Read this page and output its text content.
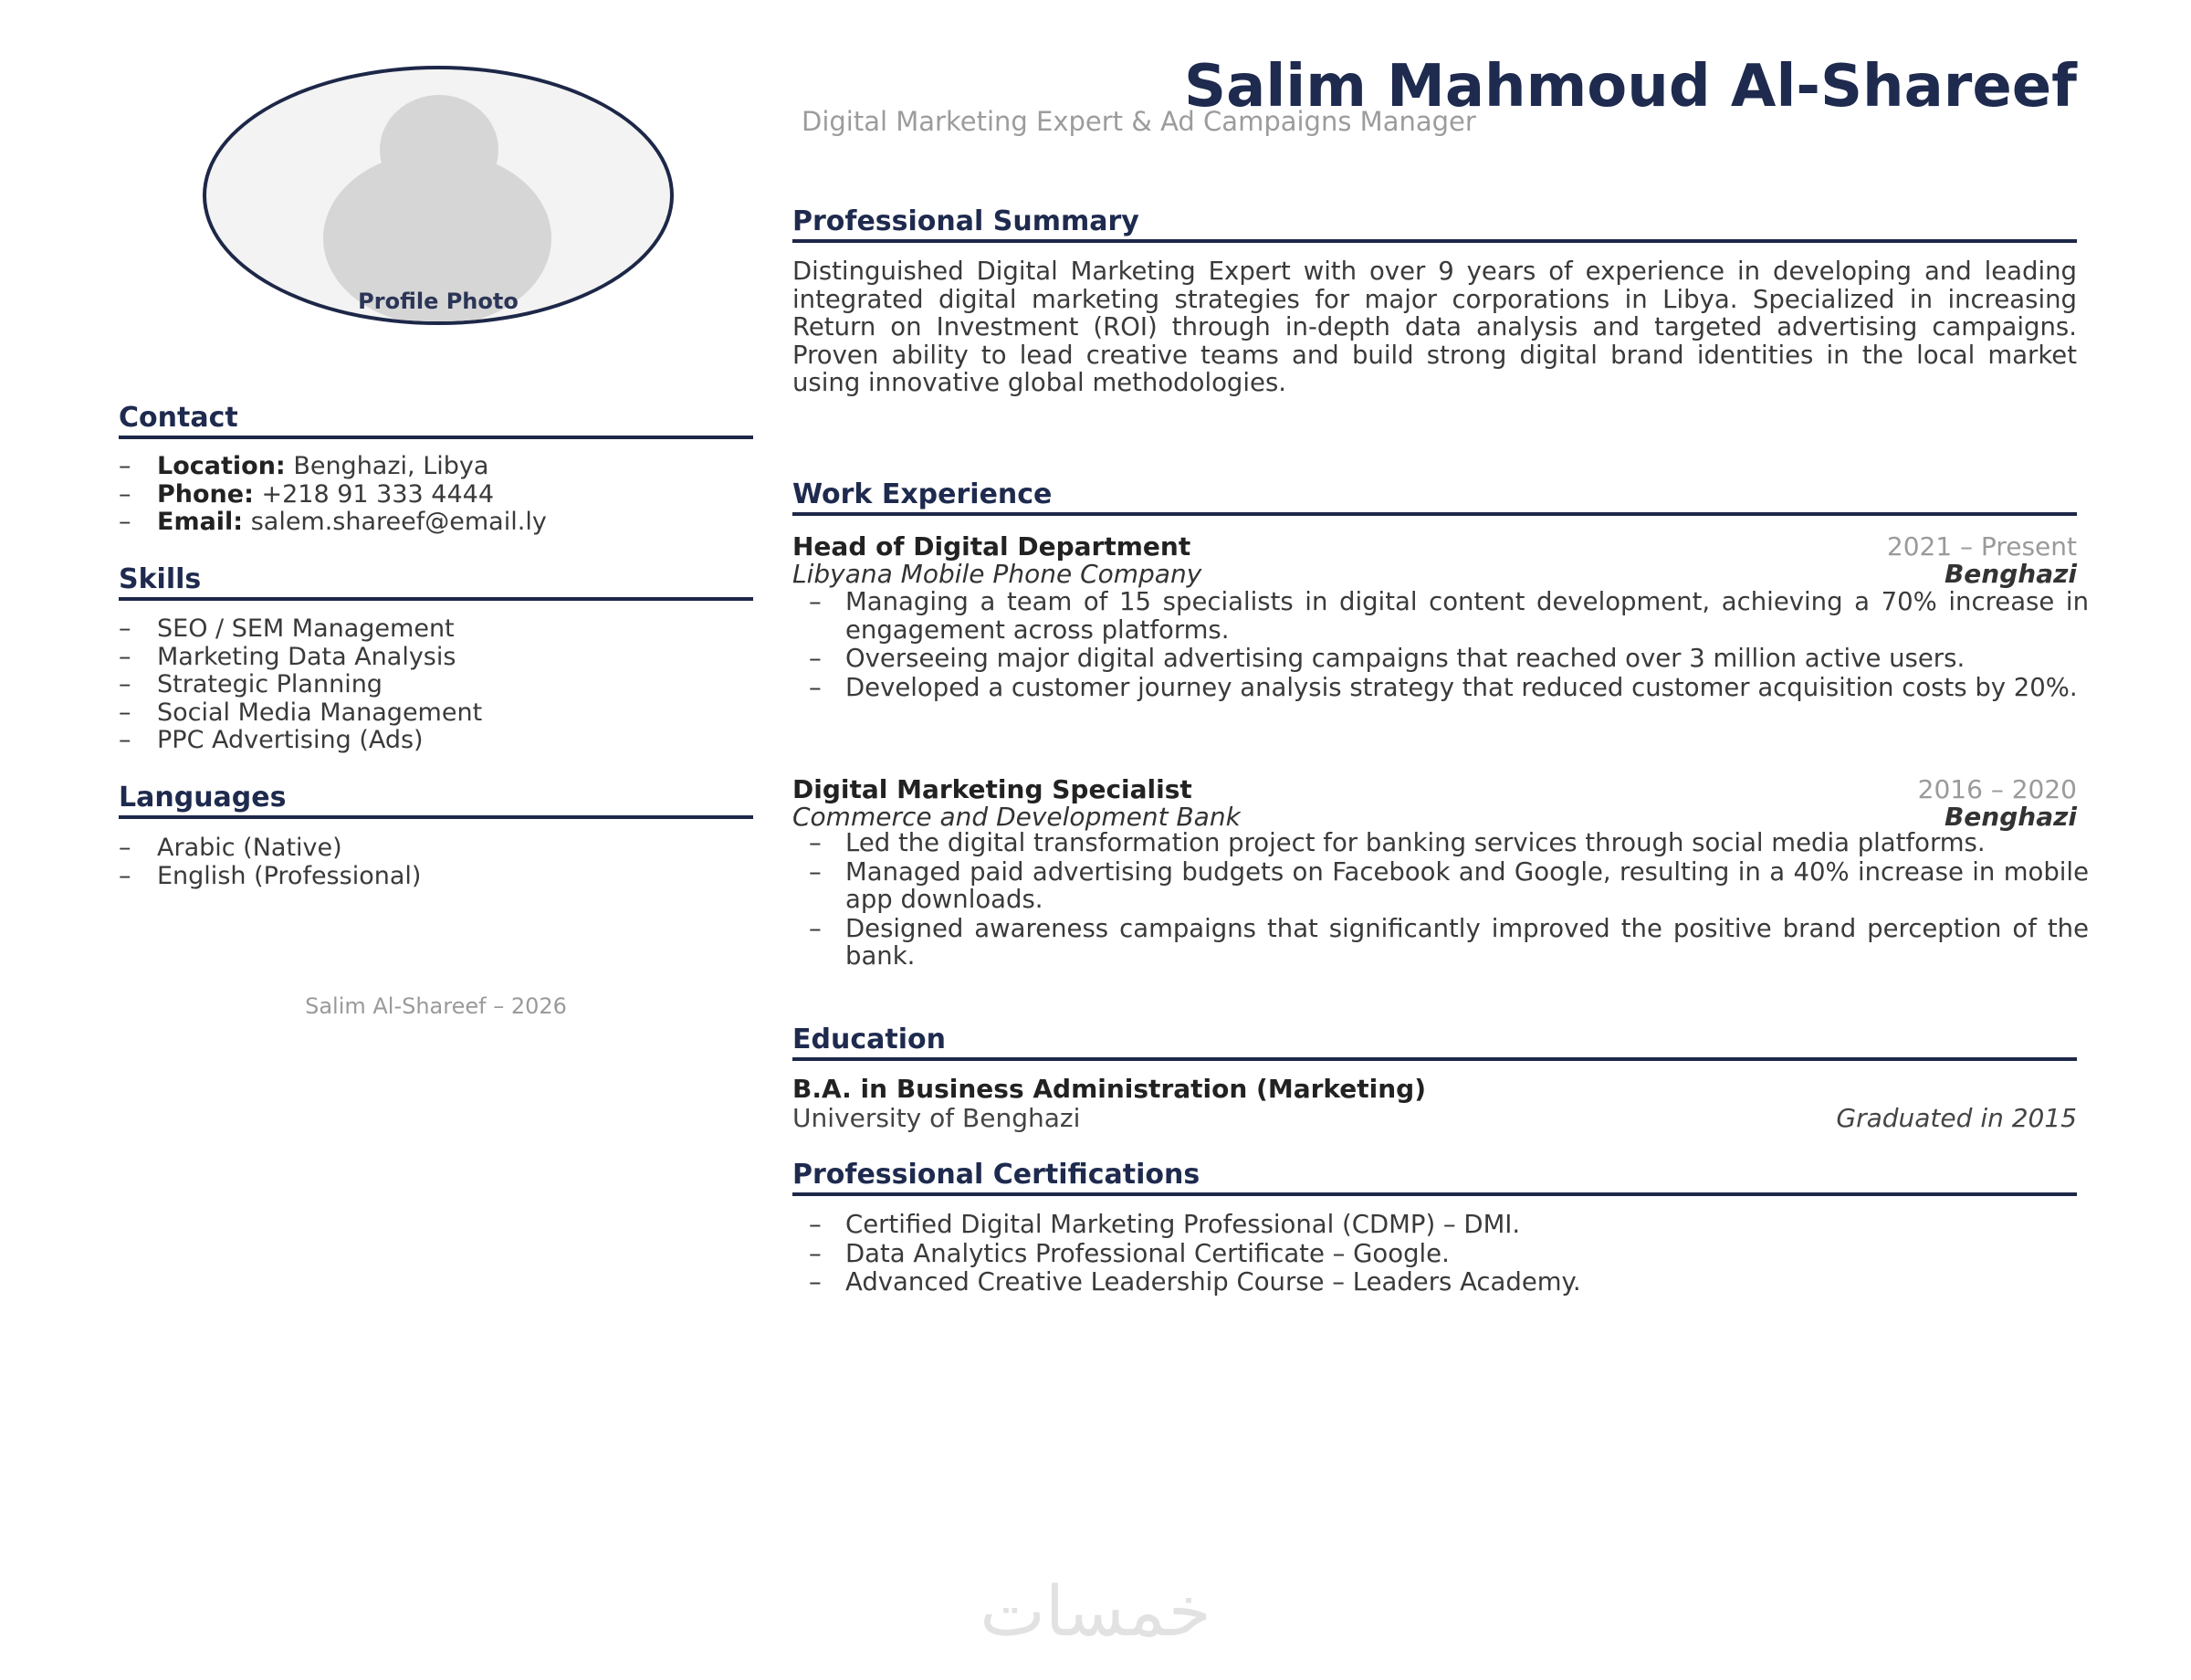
Profile Photo
Contact
– Location: Benghazi, Libya
– Phone: +218 91 333 4444
– Email: salem.shareef@email.ly
Skills
– SEO / SEM Management
– Marketing Data Analysis
– Strategic Planning
– Social Media Management
– PPC Advertising (Ads)
Languages
– Arabic (Native)
– English (Professional)
Salim Al-Shareef – 2026
Salim Mahmoud Al-Shareef
Digital Marketing Expert & Ad Campaigns Manager
Professional Summary

Distinguished Digital Marketing Expert with over 9 years of experience in developing and leading integrated digital marketing strategies for major corporations in Libya. Specialized in increasing Return on Investment (ROI) through in-depth data analysis and targeted advertising campaigns. Proven ability to lead creative teams and build strong digital brand identities in the local market using innovative global methodologies.

Work Experience
Head of Digital Department	2021 – Present
Libyana Mobile Phone Company	Benghazi
– Managing a team of 15 specialists in digital content development, achieving a 70% increase in engagement across platforms.
– Overseeing major digital advertising campaigns that reached over 3 million active users.
– Developed a customer journey analysis strategy that reduced customer acquisition costs by 20%.
Digital Marketing Specialist	2016 – 2020
Commerce and Development Bank	Benghazi
– Led the digital transformation project for banking services through social media platforms.
– Managed paid advertising budgets on Facebook and Google, resulting in a 40% increase in mobile app downloads.
– Designed awareness campaigns that significantly improved the positive brand perception of the bank.
Education
B.A. in Business Administration (Marketing)
University of Benghazi	Graduated in 2015
Professional Certifications
– Certified Digital Marketing Professional (CDMP) – DMI.
– Data Analytics Professional Certificate – Google.
– Advanced Creative Leadership Course – Leaders Academy.
خمسات
